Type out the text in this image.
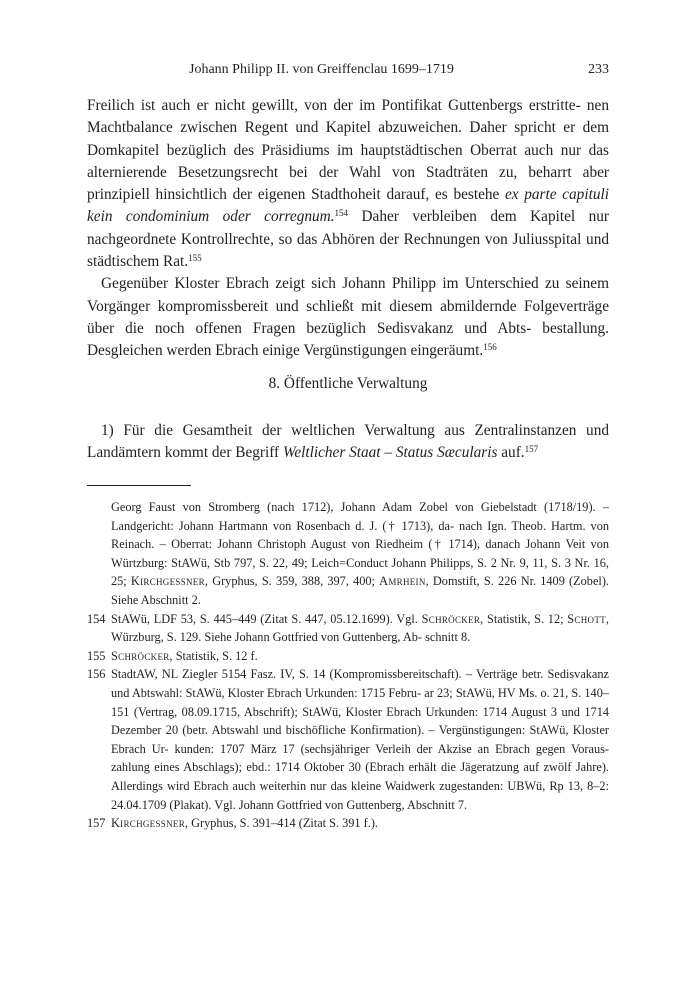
Johann Philipp II. von Greiffenclau 1699–1719	233

Freilich ist auch er nicht gewillt, von der im Pontifikat Guttenbergs erstritte- nen Machtbalance zwischen Regent und Kapitel abzuweichen. Daher spricht er dem Domkapitel bezüglich des Präsidiums im hauptstädtischen Oberrat auch nur das alternierende Besetzungsrecht bei der Wahl von Stadträten zu, beharrt aber prinzipiell hinsichtlich der eigenen Stadthoheit darauf, es bestehe ex parte capituli kein condominium oder corregnum.$^{154}$ Daher verbleiben dem Kapitel nur nachgeordnete Kontrollrechte, so das Abhören der Rechnungen von Juliusspital und städtischem Rat.$^{155}$

Gegenüber Kloster Ebrach zeigt sich Johann Philipp im Unterschied zu seinem Vorgänger kompromissbereit und schließt mit diesem abmildernde Folgeverträge über die noch offenen Fragen bezüglich Sedisvakanz und Abts- bestallung. Desgleichen werden Ebrach einige Vergünstigungen eingeräumt.$^{156}$

8. Öffentliche Verwaltung

1) Für die Gesamtheit der weltlichen Verwaltung aus Zentralinstanzen und Landämtern kommt der Begriff Weltlicher Staat – Status Sæcularis auf.$^{157}$

Georg Faust von Stromberg (nach 1712), Johann Adam Zobel von Giebelstadt (1718/19). – Landgericht: Johann Hartmann von Rosenbach d. J. († 1713), da- nach Ign. Theob. Hartm. von Reinach. – Oberrat: Johann Christoph August von Riedheim († 1714), danach Johann Veit von Würtzburg: StAWü, Stb 797, S. 22, 49; Leich=Conduct Johann Philipps, S. 2 Nr. 9, 11, S. 3 Nr. 16, 25; Kirchgessner, Gryphus, S. 359, 388, 397, 400; Amrhein, Domstift, S. 226 Nr. 1409 (Zobel). Siehe Abschnitt 2.
154 StAWü, LDF 53, S. 445–449 (Zitat S. 447, 05.12.1699). Vgl. Schröcker, Statistik, S. 12; Schott, Würzburg, S. 129. Siehe Johann Gottfried von Guttenberg, Ab- schnitt 8.
155 Schröcker, Statistik, S. 12 f.
156 StadtAW, NL Ziegler 5154 Fasz. IV, S. 14 (Kompromissbereitschaft). – Verträge betr. Sedisvakanz und Abtswahl: StAWü, Kloster Ebrach Urkunden: 1715 Febru- ar 23; StAWü, HV Ms. o. 21, S. 140–151 (Vertrag, 08.09.1715, Abschrift); StAWü, Kloster Ebrach Urkunden: 1714 August 3 und 1714 Dezember 20 (betr. Abtswahl und bischöfliche Konfirmation). – Vergünstigungen: StAWü, Kloster Ebrach Ur- kunden: 1707 März 17 (sechsjähriger Verleih der Akzise an Ebrach gegen Voraus- zahlung eines Abschlags); ebd.: 1714 Oktober 30 (Ebrach erhält die Jägeratzung auf zwölf Jahre). Allerdings wird Ebrach auch weiterhin nur das kleine Waidwerk zugestanden: UBWü, Rp 13, 8–2: 24.04.1709 (Plakat). Vgl. Johann Gottfried von Guttenberg, Abschnitt 7.
157 Kirchgessner, Gryphus, S. 391–414 (Zitat S. 391 f.).
